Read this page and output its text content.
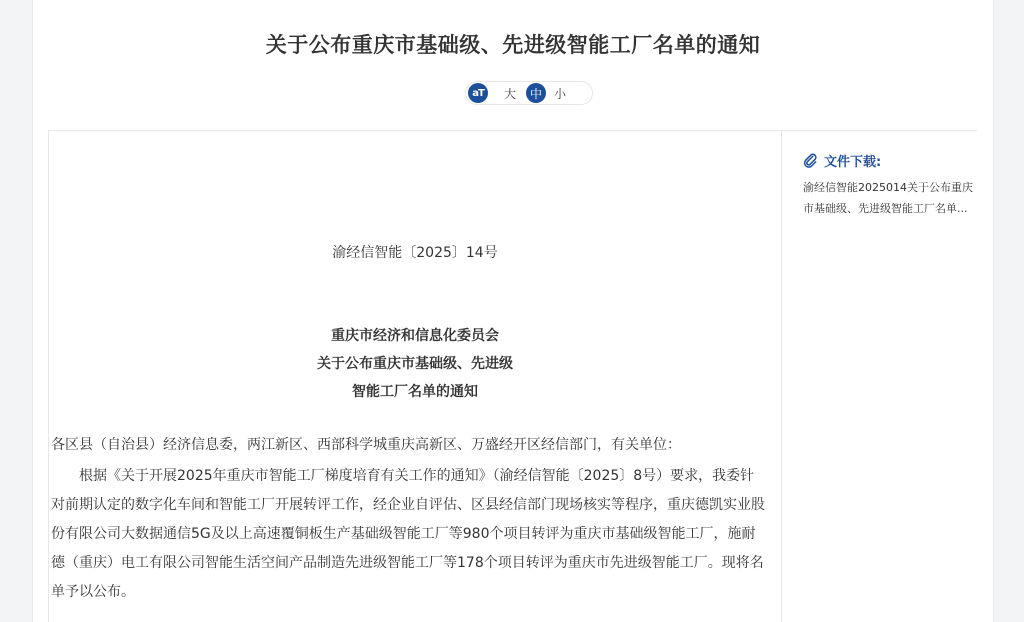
关于公布重庆市基础级、先进级智能工厂名单的通知
aT	大	中 小
渝经信智能〔2025〕14号
重庆市经济和信息化委员会
关于公布重庆市基础级、先进级
智能工厂名单的通知
各区县（自治县）经济信息委，两江新区、西部科学城重庆高新区、万盛经开区经信部门，有关单位：

根据《关于开展2025年重庆市智能工厂梯度培育有关工作的通知》（渝经信智能〔2025〕8号）要求，我委针对前期认定的数字化车间和智能工厂开展转评工作，经企业自评估、区县经信部门现场核实等程序，重庆德凯实业股份有限公司大数据通信5G及以上高速覆铜板生产基础级智能工厂等980个项目转评为重庆市基础级智能工厂，施耐德（重庆）电工有限公司智能生活空间产品制造先进级智能工厂等178个项目转评为重庆市先进级智能工厂。现将名单予以公布。

文件下载:
渝经信智能2025014关于公布重庆市基础级、先进级智能工厂名单...
